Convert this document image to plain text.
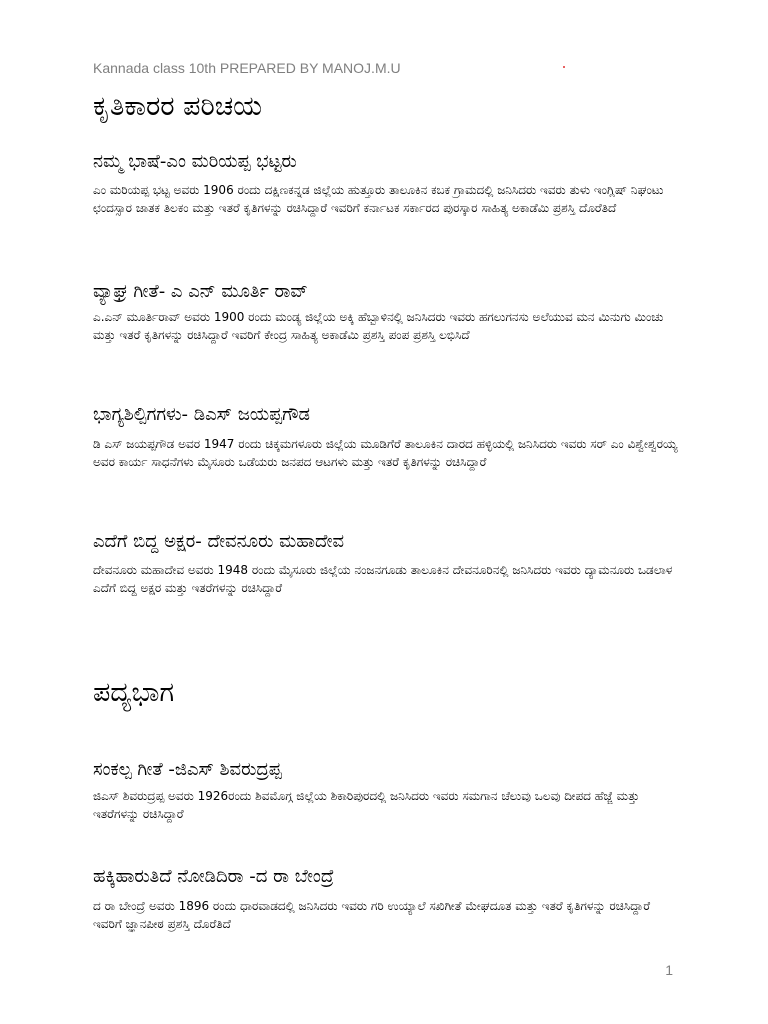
Kannada class 10th PREPARED BY MANOJ.M.U
ಕೃತಿಕಾರರ ಪರಿಚಯ
ನಮ್ಮ ಭಾಷೆ-ಎಂ ಮರಿಯಪ್ಪ ಭಟ್ಟರು
ಎಂ ಮರಿಯಪ್ಪ ಭಟ್ಟ ಅವರು 1906 ರಂದು ದಕ್ಷಿಣಕನ್ನಡ ಜಿಲ್ಲೆಯ ಹುತ್ತೂರು ತಾಲೂಕಿನ ಕಬಕ ಗ್ರಾಮದಲ್ಲಿ ಜನಿಸಿದರು ಇವರು ತುಳು ಇಂಗ್ಲಿಷ್ ನಿಘಂಟು ಛಂದಸ್ಸಾರ ಜಾತಕ ತಿಲಕಂ ಮತ್ತು ಇತರೆ ಕೃತಿಗಳನ್ನು ರಚಿಸಿದ್ದಾರೆ ಇವರಿಗೆ ಕರ್ನಾಟಕ ಸರ್ಕಾರದ ಪುರಸ್ಕಾರ ಸಾಹಿತ್ಯ ಅಕಾಡೆಮಿ ಪ್ರಶಸ್ತಿ ದೊರೆತಿದೆ
ವ್ಯಾಘ್ರ ಗೀತೆ- ಎ ಎನ್ ಮೂರ್ತಿ ರಾವ್
ಎ.ಎನ್ ಮೂರ್ತಿರಾವ್ ಅವರು 1900 ರಂದು ಮಂಡ್ಯ ಜಿಲ್ಲೆಯ ಅಕ್ಕಿ ಹೆಬ್ಬಾಳಿನಲ್ಲಿ ಜನಿಸಿದರು ಇವರು ಹಗಲುಗನಸು ಅಲೆಯುವ ಮನ ಮಿನುಗು ಮಿಂಚು ಮತ್ತು ಇತರೆ ಕೃತಿಗಳನ್ನು ರಚಿಸಿದ್ದಾರೆ ಇವರಿಗೆ ಕೇಂದ್ರ ಸಾಹಿತ್ಯ ಅಕಾಡೆಮಿ ಪ್ರಶಸ್ತಿ ಪಂಪ ಪ್ರಶಸ್ತಿ ಲಭಿಸಿದೆ
ಭಾಗ್ಯಶಿಲ್ಪಿಗಗಳು- ಡಿಎಸ್ ಜಯಪ್ಪಗೌಡ
ಡಿ ಎಸ್ ಜಯಪ್ಪಗೌಡ ಅವರ 1947 ರಂದು ಚಿಕ್ಕಮಗಳೂರು ಜಿಲ್ಲೆಯ ಮೂಡಿಗೆರೆ ತಾಲೂಕಿನ ದಾರದ ಹಳ್ಳಿಯಲ್ಲಿ ಜನಿಸಿದರು ಇವರು ಸರ್ ಎಂ ವಿಶ್ವೇಶ್ವರಯ್ಯ ಅವರ ಕಾರ್ಯ ಸಾಧನೆಗಳು ಮೈಸೂರು ಒಡೆಯರು ಜನಪದ ಆಟಗಳು ಮತ್ತು ಇತರೆ ಕೃತಿಗಳನ್ನು ರಚಿಸಿದ್ದಾರೆ
ಎದೆಗೆ ಬಿದ್ದ ಅಕ್ಷರ- ದೇವನೂರು ಮಹಾದೇವ
ದೇವನೂರು ಮಹಾದೇವ ಅವರು 1948 ರಂದು ಮೈಸೂರು ಜಿಲ್ಲೆಯ ನಂಜನಗೂಡು ತಾಲೂಕಿನ ದೇವನೂರಿನಲ್ಲಿ ಜನಿಸಿದರು ಇವರು ದ್ಯಾಮನೂರು ಒಡಲಾಳ ಎದೆಗೆ ಬಿದ್ದ ಅಕ್ಷರ ಮತ್ತು ಇತರೆಗಳನ್ನು ರಚಿಸಿದ್ದಾರೆ
ಪದ್ಯಭಾಗ
ಸಂಕಲ್ಪ ಗೀತೆ -ಜಿಎಸ್ ಶಿವರುದ್ರಪ್ಪ
ಜಿಎಸ್ ಶಿವರುದ್ರಪ್ಪ ಅವರು 1926ರಂದು ಶಿವಮೊಗ್ಗ ಜಿಲ್ಲೆಯ ಶಿಕಾರಿಪುರದಲ್ಲಿ ಜನಿಸಿದರು ಇವರು ಸಮಗಾನ ಚೆಲುವು ಒಲವು ದೀಪದ ಹೆಜ್ಜೆ ಮತ್ತು ಇತರೆಗಳನ್ನು ರಚಿಸಿದ್ದಾರೆ
ಹಕ್ಕಿಹಾರುತಿದೆ ನೋಡಿದಿರಾ -ದ ರಾ ಬೇಂದ್ರೆ
ದ ರಾ ಬೇಂದ್ರೆ ಅವರು 1896 ರಂದು ಧಾರವಾಡದಲ್ಲಿ ಜನಿಸಿದರು ಇವರು ಗರಿ ಉಯ್ಯಾಲೆ ಸಖಿಗೀತೆ ಮೇಘದೂತ ಮತ್ತು ಇತರೆ ಕೃತಿಗಳನ್ನು ರಚಿಸಿದ್ದಾರೆ ಇವರಿಗೆ ಜ್ಞಾನಪೀಠ ಪ್ರಶಸ್ತಿ ದೊರೆತಿದೆ
1
